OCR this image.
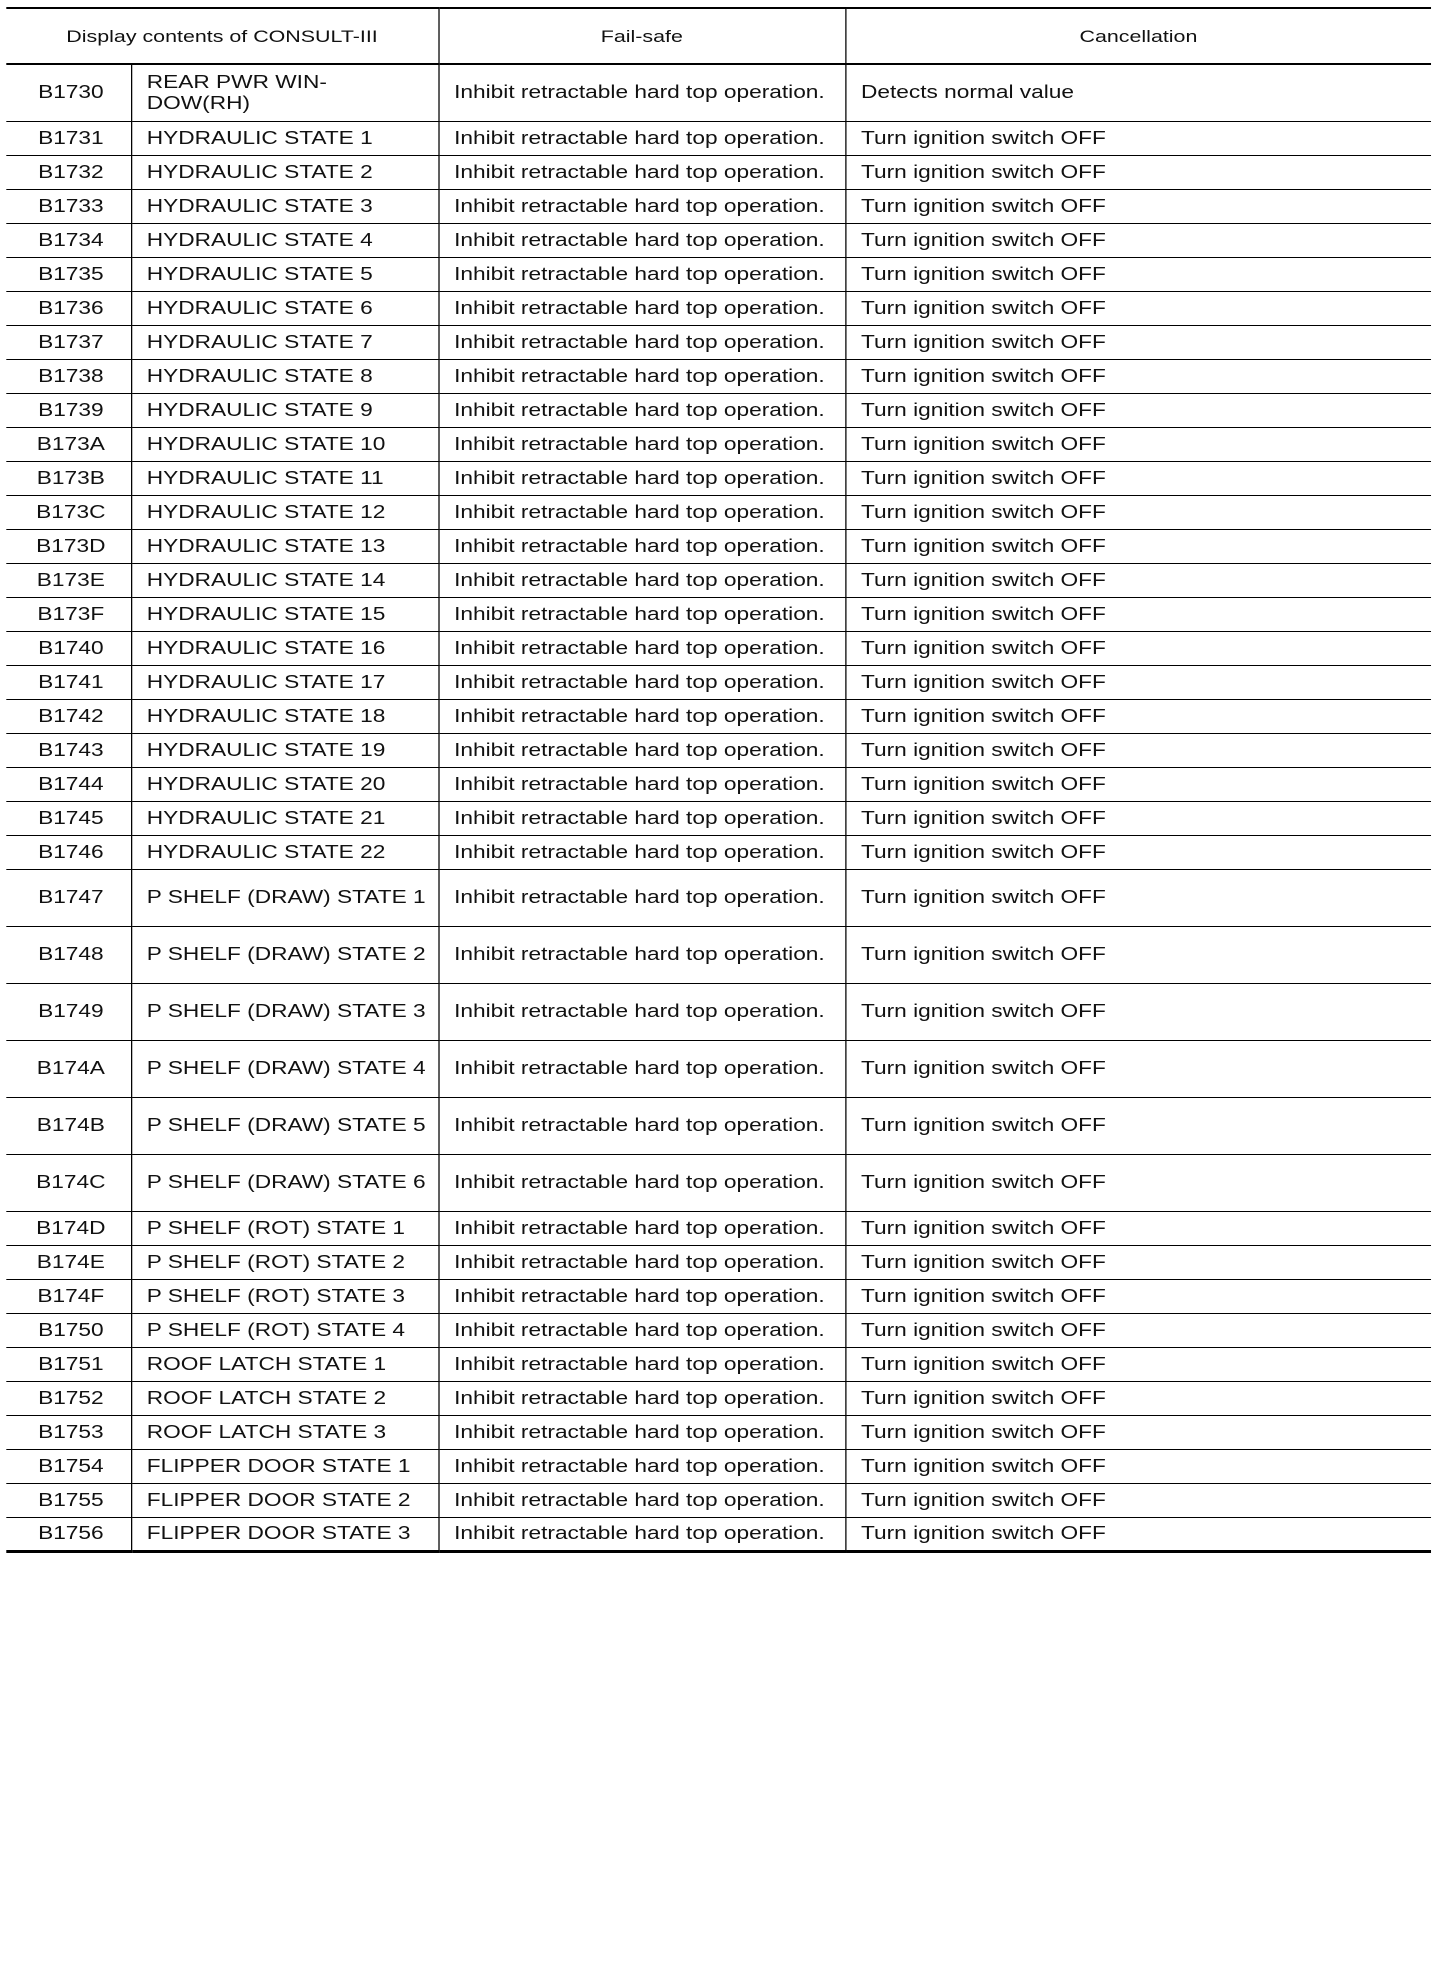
Display contents of CONSULT-III		Fail-safe	Cancellation
B1730	REAR PWR WIN-DOW(RH)	Inhibit retractable hard top operation.	Detects normal value
B1731	HYDRAULIC STATE 1	Inhibit retractable hard top operation.	Turn ignition switch OFF
B1732	HYDRAULIC STATE 2	Inhibit retractable hard top operation.	Turn ignition switch OFF
B1733	HYDRAULIC STATE 3	Inhibit retractable hard top operation.	Turn ignition switch OFF
B1734	HYDRAULIC STATE 4	Inhibit retractable hard top operation.	Turn ignition switch OFF
B1735	HYDRAULIC STATE 5	Inhibit retractable hard top operation.	Turn ignition switch OFF
B1736	HYDRAULIC STATE 6	Inhibit retractable hard top operation.	Turn ignition switch OFF
B1737	HYDRAULIC STATE 7	Inhibit retractable hard top operation.	Turn ignition switch OFF
B1738	HYDRAULIC STATE 8	Inhibit retractable hard top operation.	Turn ignition switch OFF
B1739	HYDRAULIC STATE 9	Inhibit retractable hard top operation.	Turn ignition switch OFF
B173A	HYDRAULIC STATE 10	Inhibit retractable hard top operation.	Turn ignition switch OFF
B173B	HYDRAULIC STATE 11	Inhibit retractable hard top operation.	Turn ignition switch OFF
B173C	HYDRAULIC STATE 12	Inhibit retractable hard top operation.	Turn ignition switch OFF
B173D	HYDRAULIC STATE 13	Inhibit retractable hard top operation.	Turn ignition switch OFF
B173E	HYDRAULIC STATE 14	Inhibit retractable hard top operation.	Turn ignition switch OFF
B173F	HYDRAULIC STATE 15	Inhibit retractable hard top operation.	Turn ignition switch OFF
B1740	HYDRAULIC STATE 16	Inhibit retractable hard top operation.	Turn ignition switch OFF
B1741	HYDRAULIC STATE 17	Inhibit retractable hard top operation.	Turn ignition switch OFF
B1742	HYDRAULIC STATE 18	Inhibit retractable hard top operation.	Turn ignition switch OFF
B1743	HYDRAULIC STATE 19	Inhibit retractable hard top operation.	Turn ignition switch OFF
B1744	HYDRAULIC STATE 20	Inhibit retractable hard top operation.	Turn ignition switch OFF
B1745	HYDRAULIC STATE 21	Inhibit retractable hard top operation.	Turn ignition switch OFF
B1746	HYDRAULIC STATE 22	Inhibit retractable hard top operation.	Turn ignition switch OFF
B1747	P SHELF (DRAW) STATE 1	Inhibit retractable hard top operation.	Turn ignition switch OFF
B1748	P SHELF (DRAW) STATE 2	Inhibit retractable hard top operation.	Turn ignition switch OFF
B1749	P SHELF (DRAW) STATE 3	Inhibit retractable hard top operation.	Turn ignition switch OFF
B174A	P SHELF (DRAW) STATE 4	Inhibit retractable hard top operation.	Turn ignition switch OFF
B174B	P SHELF (DRAW) STATE 5	Inhibit retractable hard top operation.	Turn ignition switch OFF
B174C	P SHELF (DRAW) STATE 6	Inhibit retractable hard top operation.	Turn ignition switch OFF
B174D	P SHELF (ROT) STATE 1	Inhibit retractable hard top operation.	Turn ignition switch OFF
B174E	P SHELF (ROT) STATE 2	Inhibit retractable hard top operation.	Turn ignition switch OFF
B174F	P SHELF (ROT) STATE 3	Inhibit retractable hard top operation.	Turn ignition switch OFF
B1750	P SHELF (ROT) STATE 4	Inhibit retractable hard top operation.	Turn ignition switch OFF
B1751	ROOF LATCH STATE 1	Inhibit retractable hard top operation.	Turn ignition switch OFF
B1752	ROOF LATCH STATE 2	Inhibit retractable hard top operation.	Turn ignition switch OFF
B1753	ROOF LATCH STATE 3	Inhibit retractable hard top operation.	Turn ignition switch OFF
B1754	FLIPPER DOOR STATE 1	Inhibit retractable hard top operation.	Turn ignition switch OFF
B1755	FLIPPER DOOR STATE 2	Inhibit retractable hard top operation.	Turn ignition switch OFF
B1756	FLIPPER DOOR STATE 3	Inhibit retractable hard top operation.	Turn ignition switch OFF
